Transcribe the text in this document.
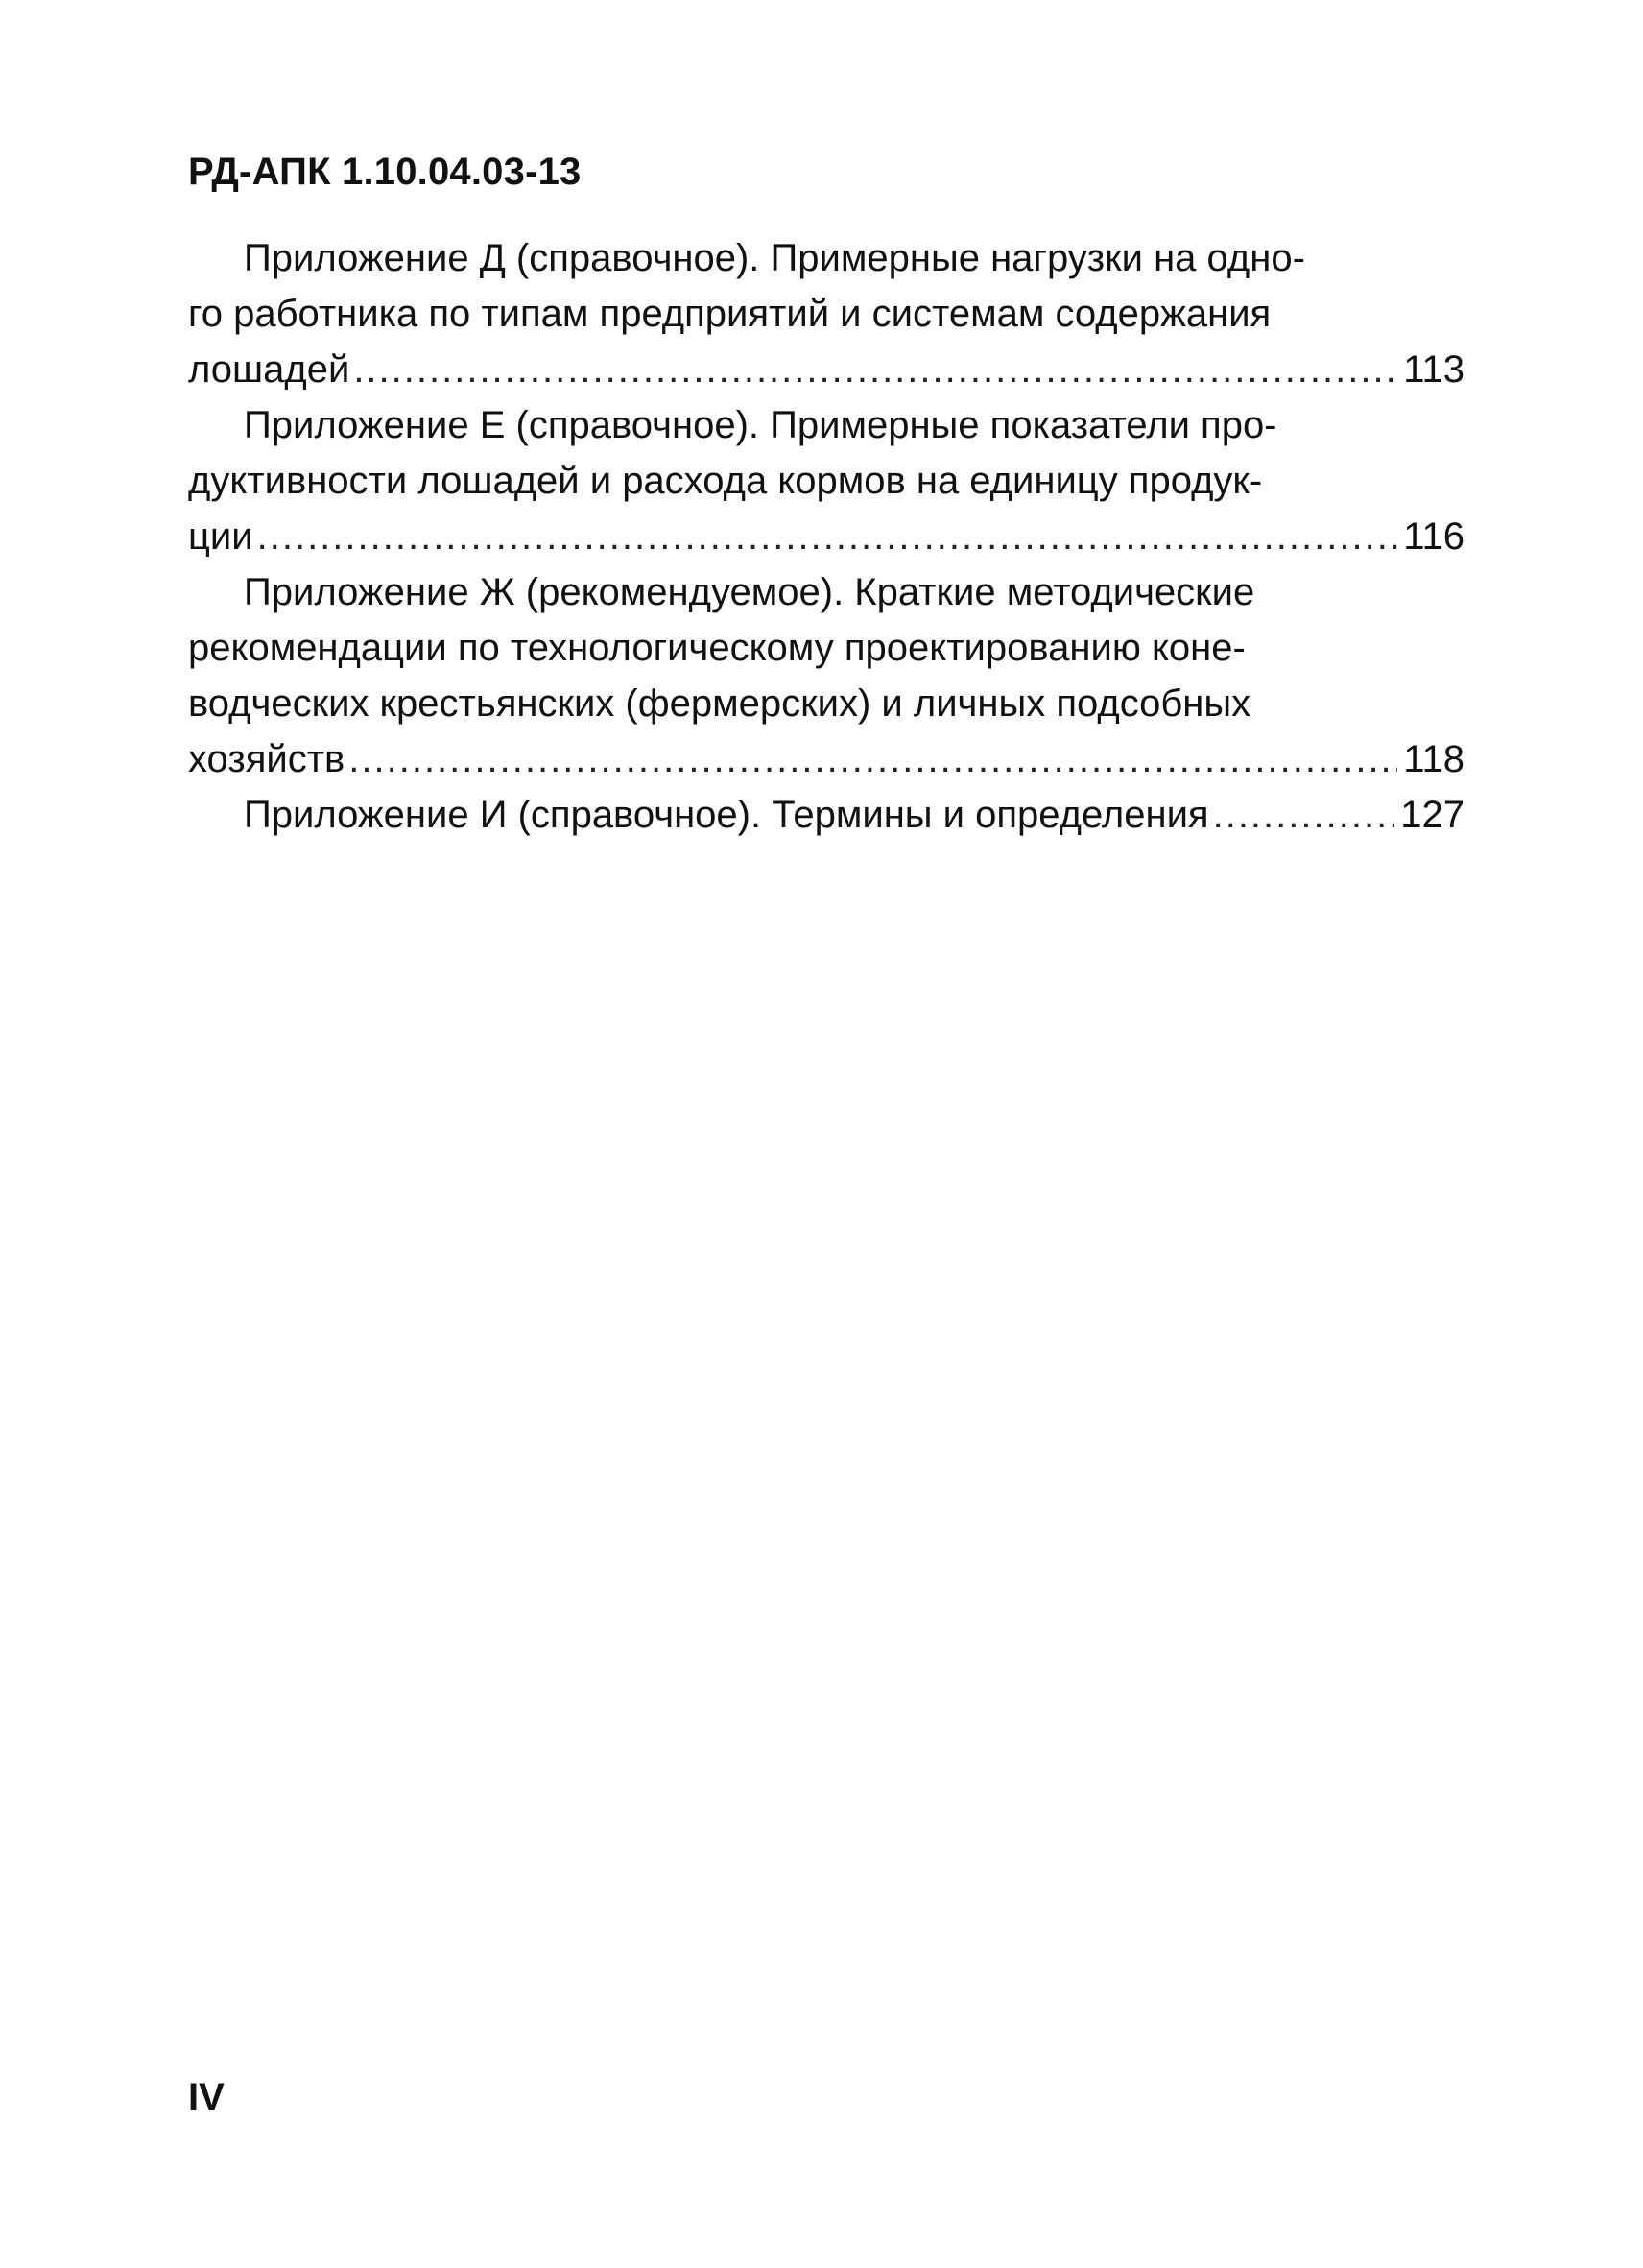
РД-АПК 1.10.04.03-13
Приложение Д (справочное). Примерные нагрузки на одно-
го работника по типам предприятий и системам содержания
лошадей .....	113
Приложение Е (справочное). Примерные показатели про-
дуктивности лошадей и расхода кормов на единицу продук-
ции .....	116
Приложение Ж (рекомендуемое). Краткие методические
рекомендации по технологическому проектированию коне-
водческих крестьянских (фермерских) и личных подсобных
хозяйств .....	118
Приложение И (справочное). Термины и определения .....	127
IV
